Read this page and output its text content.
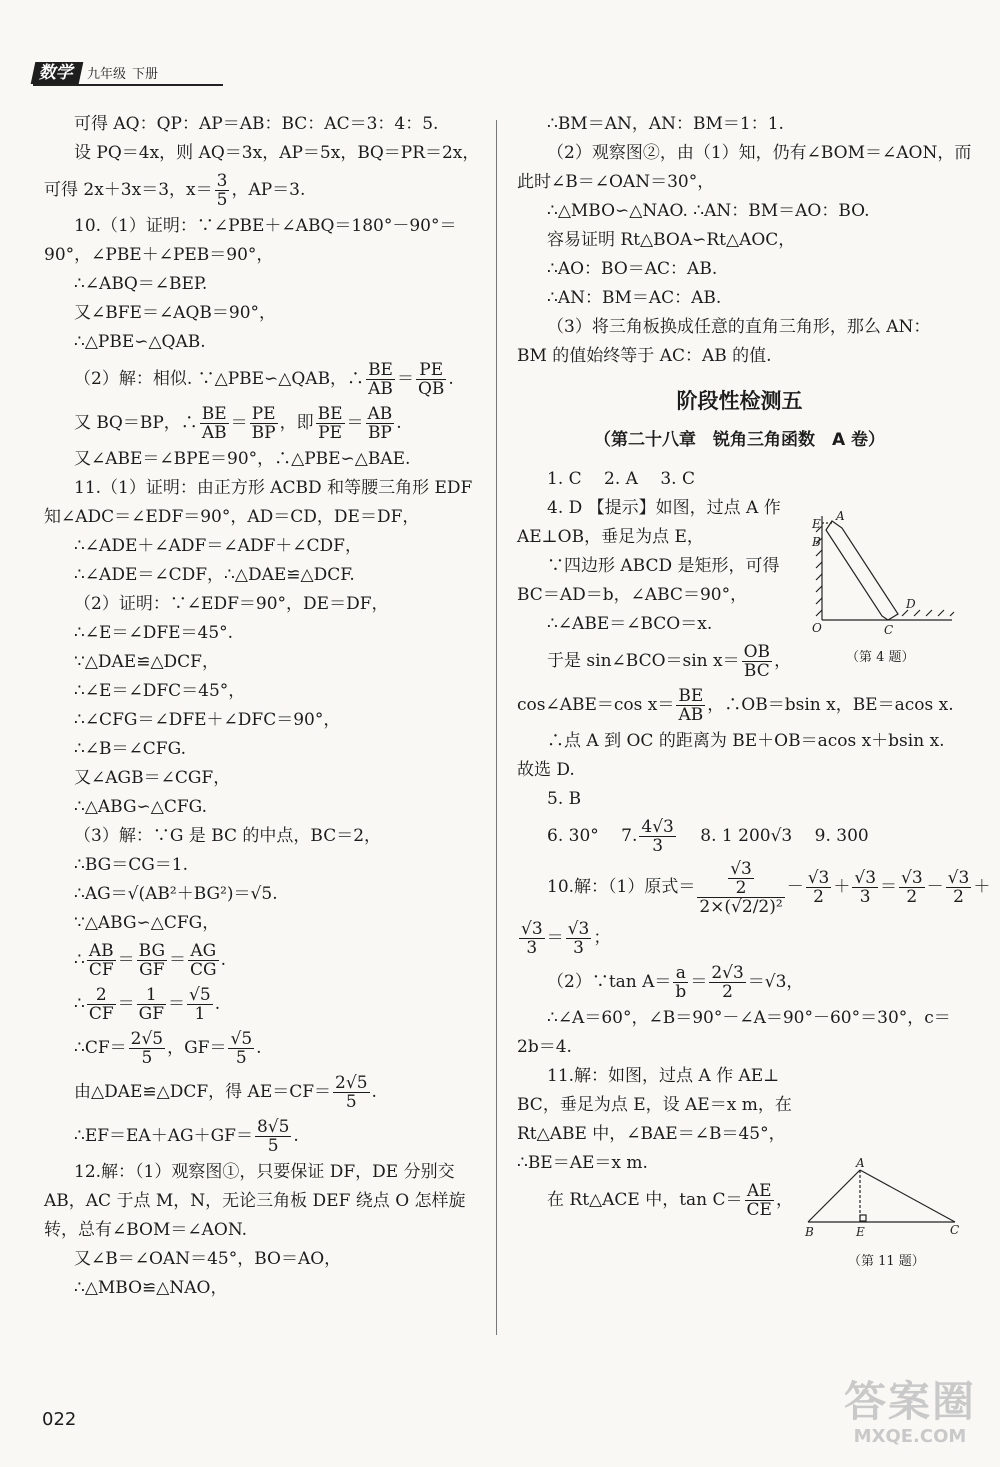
数学 九年级 下册

可得 AQ：QP：AP＝AB：BC：AC＝3：4：5.

设 PQ＝4x，则 AQ＝3x，AP＝5x，BQ＝PR＝2x，

可得 2x＋3x＝3，$x= \frac{3}{5}$ ，AP＝3.

10.（1）证明：∵∠PBE＋∠ABQ＝180°－90°＝

90°，∠PBE＋∠PEB＝90°，

∴∠ABQ＝∠BEP.

又∠BFE＝∠AQB＝90°，

∴△PBE∽△QAB.

（2）解：相似. ∵△PBE∽△QAB，∴ $\frac{BE}{AB} = \frac{PE}{QB}$ .

又 BQ＝BP，∴ $\frac{BE}{AB} = \frac{PE}{BP}$ ，即 $\frac{BE}{PE} = \frac{AB}{BP}$ .

又∠ABE＝∠BPE＝90°，∴△PBE∽△BAE.

11.（1）证明：由正方形 ACBD 和等腰三角形 EDF

知∠ADC＝∠EDF＝90°，AD＝CD，DE＝DF，

∴∠ADE＋∠ADF＝∠ADF＋∠CDF，

∴∠ADE＝∠CDF，∴△DAE≌△DCF.

（2）证明：∵∠EDF＝90°，DE＝DF，

∴∠E＝∠DFE＝45°.

∵△DAE≌△DCF，

∴∠E＝∠DFC＝45°，

∴∠CFG＝∠DFE＋∠DFC＝90°，

∴∠B＝∠CFG.

又∠AGB＝∠CGF，

∴△ABG∽△CFG.

（3）解：∵G 是 BC 的中点，BC＝2，

∴BG＝CG＝1.

∴AG＝√(AB²＋BG²)＝√5.

∵△ABG∽△CFG，

∴ $\frac{AB}{CF} = \frac{BG}{GF} = \frac{AG}{CG}$ .

∴ $\frac{2}{CF} = \frac{1}{GF} = \frac{√5}{1}$ .

∴CF＝ $\frac{2√5}{5}$ ，$GF= \frac{√5}{5}$ .

由△DAE≌△DCF，得 $AE=CF= \frac{2√5}{5}$ .

∴EF＝EA＋AG＋GF＝ $\frac{8√5}{5}$ .

12.解：（1）观察图①，只要保证 DF，DE 分别交

AB，AC 于点 M，N，无论三角板 DEF 绕点 O 怎样旋

转，总有∠BOM＝∠AON.

又∠B＝∠OAN＝45°，BO＝AO，

∴△MBO≌△NAO，

∴BM＝AN，AN：BM＝1：1.

（2）观察图②，由（1）知，仍有∠BOM＝∠AON，而

此时∠B＝∠OAN＝30°，

∴△MBO∽△NAO. ∴AN：BM＝AO：BO.

容易证明 Rt△BOA∽Rt△AOC，

∴AO：BO＝AC：AB.

∴AN：BM＝AC：AB.

（3）将三角板换成任意的直角三角形，那么 AN：

BM 的值始终等于 AC：AB 的值.

阶段性检测五
（第二十八章　锐角三角函数　A 卷）

1. C　 2. A　 3. C

4. D 【提示】如图，过点 A 作

AE⊥OB，垂足为点 E，

∵四边形 ABCD 是矩形，可得

BC＝AD＝b，∠ABC＝90°，

∴∠ABE＝∠BCO＝x.

于是 sin∠BCO＝sin $x= \frac{OB}{BC}$ ，

cos∠ABE＝cos $x= \frac{BE}{AB}$ ，∴OB＝bsin x，BE＝acos x.

∴点 A 到 OC 的距离为 BE＋OB＝acos x＋bsin x.

故选 D.

5. B

6. 30°　 7. $\frac{4√3}{3}$
　 8. 1 200√3　 9. 300

10.解：（1）原式＝ $\frac{\frac{√3}{2}}{\text{2×(√2/2)²}} - \frac{√3}{2} + \frac{√3}{3} = \frac{√3}{2} - \frac{√3}{2}$ ＋

$\frac{√3}{3} = \frac{√3}{3}$ ；

（2）∵tan $A= \frac{a}{b} = \frac{2√3}{2} =√3$，

∴∠A＝60°，∠B＝90°－∠A＝90°－60°＝30°，c＝

2b＝4.

11.解：如图，过点 A 作 AE⊥

BC，垂足为点 E，设 AE＝x m，在

Rt△ABE 中，∠BAE＝∠B＝45°，

∴BE＝AE＝x m.

在 Rt△ACE 中，$\tan C= \frac{AE}{CE}$ ，

E
A
B
D
O	C
（第 4 题）
A
B	E	C
（第 11 题）
022	答案圈
MXQE.COM
